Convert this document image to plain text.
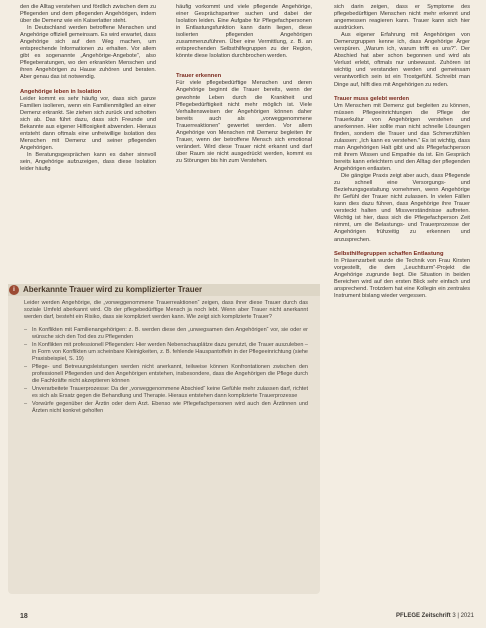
den die Alltag verstehen und fördlich zwischen dem zu Pflegenden und dem pflegenden Angehörigen, indem über die Demenz wie ein Kaiserlatter steht.

In Deutschland werden betroffene Menschen und Angehörige offiziell gemeinsam. Es wird erwartet, dass Angehörige sich auf den Weg machen, um entsprechende Informationen zu erhalten. Vor allem gibt es sogenannte „Angehörige-Angebote“, also Pflegeberatungen, wo den erkrankten Menschen und ihren Angehörigen zu Hause zuhören und beraten. Aber genau das ist notwendig.

Angehörige leben in Isolation

Leider kommt es sehr häufig vor, dass sich ganze Familien isolieren, wenn ein Familienmitglied an einer Demenz erkrankt. Sie ziehen sich zurück und schotten sich ab. Das führt dazu, dass sich Freunde und Bekannte aus eigener Hilflosigkeit abwenden. Hieraus entsteht dann oftmals eine unfreiwillige Isolation des Menschen mit Demenz und seiner pflegenden Angehörigen.

In Beratungsgesprächen kann es daher sinnvoll sein, Angehörige aufzuzeigen, dass diese Isolation leider häufig

häufig vorkommt und viele pflegende Angehörige, einer Gesprächspartner suchen und dabei der Isolation leiden. Eine Aufgabe für Pflegefachpersonen in Entlastungsfunktion kann darin liegen, diese isolierten pflegenden Angehörigen zusammenzuführen. Über eine Vermittlung, z. B. an entsprechenden Selbsthilfegruppen zu der Region, könnte diese Isolation durchbrochen werden.

Trauer erkennen

Für viele pflegebedürftige Menschen und deren Angehörige beginnt die Trauer bereits, wenn der gewohnte Leben durch die Krankheit und Pflegebedürftigkeit nicht mehr möglich ist. Viele Verhaltensweisen der Angehörigen können daher bereits auch als „vorweggenommene Trauerreaktionen“ gewertet werden. Vor allem Angehörige von Menschen mit Demenz begleiten ihr Trauer, wenn der betroffene Mensch sich emotional verändert. Wird diese Trauer nicht erkannt und darf über Raum sie nicht ausgedrückt werden, kommt es zu Störungen bis hin zum Verstehen.

sich darin zeigen, dass er Symptome des pflegebedürftigen Menschen nicht mehr erkennt und angemessen reagieren kann. Trauer kann sich hier ausdrücken.

Aus eigener Erfahrung mit Angehörigen von Demenzgruppen kenne ich, dass Angehörige Ärger verspüren. „Warum ich, warum trifft es uns?“. Der Abschied hat aber schon begonnen und wird als Verlust erlebt, oftmals nur unbewusst. Zuhören ist wichtig und verstanden werden und gemeinsam verantwortlich sein ist ein Trostgefühl. Schreibt man Dinge auf, hilft dies mit Angehörigen zu reden.

Trauer muss gelebt werden

Um Menschen mit Demenz gut begleiten zu können, müssen Pflegeeinrichtungen die Pflege der Trauerkultur von Angehörigen verstehen und anerkennen. Hier sollte man nicht schnelle Lösungen finden, sondern die Trauer und das Schmerzfühlen zulassen: „Ich kann es verstehen.“ Es ist wichtig, dass man Angehörigen Halt gibt und als Pflegefachperson mit ihrem Wissen und Empathie da ist. Ein Gespräch bereits kann erleichtern und den Alltag der pflegenden Angehörigen entlasten.

Die gängige Praxis zeigt aber auch, dass Pflegende zu schnell eine Versorgungs- und Beziehungsgestaltung vornehmen, wenn Angehörige ihr Gefühl der Trauer nicht zulassen. In vielen Fällen kann dies dazu führen, dass Angehörige ihre Trauer versteckt halten und Missverständnisse auftreten. Wichtig ist hier, dass sich die Pflegefachperson Zeit nimmt, um die Belastungs- und Trauerprozesse der Angehörigen frühzeitig zu erkennen und anzusprechen.

Selbsthilfegruppen schaffen Entlastung

In Präsenzarbeit wurde die Technik von Frau Kirsten vorgestellt, die dem „Leuchtturm“-Projekt die Angehörige zugrunde liegt. Die Situation in beiden Bereichen wird auf den ersten Blick sehr einfach und ansprechend. Trotzdem hat eine Kollegin ein zentrales Instrument bislang wieder vergessen.

i	Aberkannte Trauer wird zu komplizierter Trauer

Leider werden Angehörige, die „vorweggenommene Trauerreaktionen“ zeigen, dass ihrer diese Trauer durch das soziale Umfeld aberkannt wird. Ob der pflegebedürftige Mensch ja noch lebt. Wenn aber Trauer nicht anerkannt werden darf, besteht ein Risiko, dass sie kompliziert werden kann. Wie zeigt sich komplizierte Trauer?

– In Konflikten mit Familienangehörigen: z. B. werden diese den „unwegsamen den Angehörigen“ vor, sie oder er wünsche sich den Tod des zu Pflegenden
– In Konflikten mit professionell Pflegenden: Hier werden Nebenschauplätze dazu genutzt, die Trauer auszuleben – in Form von Konflikten um scheinbare Kleinigkeiten, z. B. fehlende Hauspantoffeln in der Pflegeeinrichtung (siehe Praxisbeispiel, S. 19)
– Pflege- und Betreuungsleistungen werden nicht anerkannt, teilweise können Konfrontationen zwischen den professionell Pflegenden und den Angehörigen entstehen, insbesondere, dass die Angehörigen die Pflege durch die Fachkräfte nicht akzeptieren können
– Unverarbeitete Trauerprozesse: Da der „vorweggenommene Abschied“ keine Gefühle mehr zulassen darf, richtet es sich als Ersatz gegen die Behandlung und Therapie. Hieraus entstehen dann komplizierte Trauerprozesse
– Vorwürfe gegenüber der Ärztin oder dem Arzt. Ebenso wie Pflegefachpersonen wird auch den Ärztinnen und Ärzten nicht konkret geholfen
18	PFLEGE Zeitschrift 3 | 2021
